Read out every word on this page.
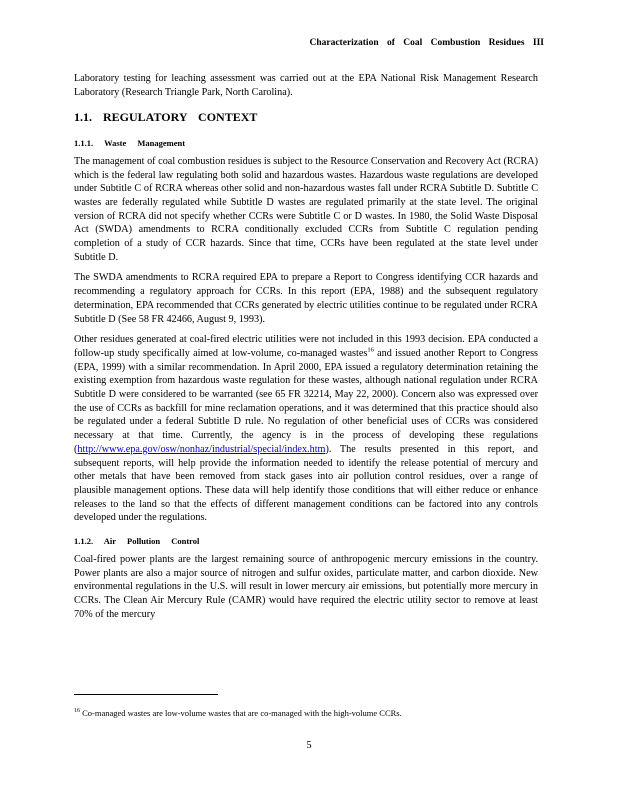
Characterization of Coal Combustion Residues III

Laboratory testing for leaching assessment was carried out at the EPA National Risk Management Research Laboratory (Research Triangle Park, North Carolina).

1.1. REGULATORY CONTEXT
1.1.1. Waste Management

The management of coal combustion residues is subject to the Resource Conservation and Recovery Act (RCRA) which is the federal law regulating both solid and hazardous wastes. Hazardous waste regulations are developed under Subtitle C of RCRA whereas other solid and non-hazardous wastes fall under RCRA Subtitle D. Subtitle C wastes are federally regulated while Subtitle D wastes are regulated primarily at the state level. The original version of RCRA did not specify whether CCRs were Subtitle C or D wastes. In 1980, the Solid Waste Disposal Act (SWDA) amendments to RCRA conditionally excluded CCRs from Subtitle C regulation pending completion of a study of CCR hazards. Since that time, CCRs have been regulated at the state level under Subtitle D.

The SWDA amendments to RCRA required EPA to prepare a Report to Congress identifying CCR hazards and recommending a regulatory approach for CCRs. In this report (EPA, 1988) and the subsequent regulatory determination, EPA recommended that CCRs generated by electric utilities continue to be regulated under RCRA Subtitle D (See 58 FR 42466, August 9, 1993).

Other residues generated at coal-fired electric utilities were not included in this 1993 decision. EPA conducted a follow-up study specifically aimed at low-volume, co-managed wastes$^{16}$ and issued another Report to Congress (EPA, 1999) with a similar recommendation. In April 2000, EPA issued a regulatory determination retaining the existing exemption from hazardous waste regulation for these wastes, although national regulation under RCRA Subtitle D were considered to be warranted (see 65 FR 32214, May 22, 2000). Concern also was expressed over the use of CCRs as backfill for mine reclamation operations, and it was determined that this practice should also be regulated under a federal Subtitle D rule. No regulation of other beneficial uses of CCRs was considered necessary at that time. Currently, the agency is in the process of developing these regulations (http://www.epa.gov/osw/nonhaz/industrial/special/index.htm). The results presented in this report, and subsequent reports, will help provide the information needed to identify the release potential of mercury and other metals that have been removed from stack gases into air pollution control residues, over a range of plausible management options. These data will help identify those conditions that will either reduce or enhance releases to the land so that the effects of different management conditions can be factored into any controls developed under the regulations.

1.1.2. Air Pollution Control

Coal-fired power plants are the largest remaining source of anthropogenic mercury emissions in the country. Power plants are also a major source of nitrogen and sulfur oxides, particulate matter, and carbon dioxide. New environmental regulations in the U.S. will result in lower mercury air emissions, but potentially more mercury in CCRs. The Clean Air Mercury Rule (CAMR) would have required the electric utility sector to remove at least 70% of the mercury

$^{16}$ Co-managed wastes are low-volume wastes that are co-managed with the high-volume CCRs.
5
